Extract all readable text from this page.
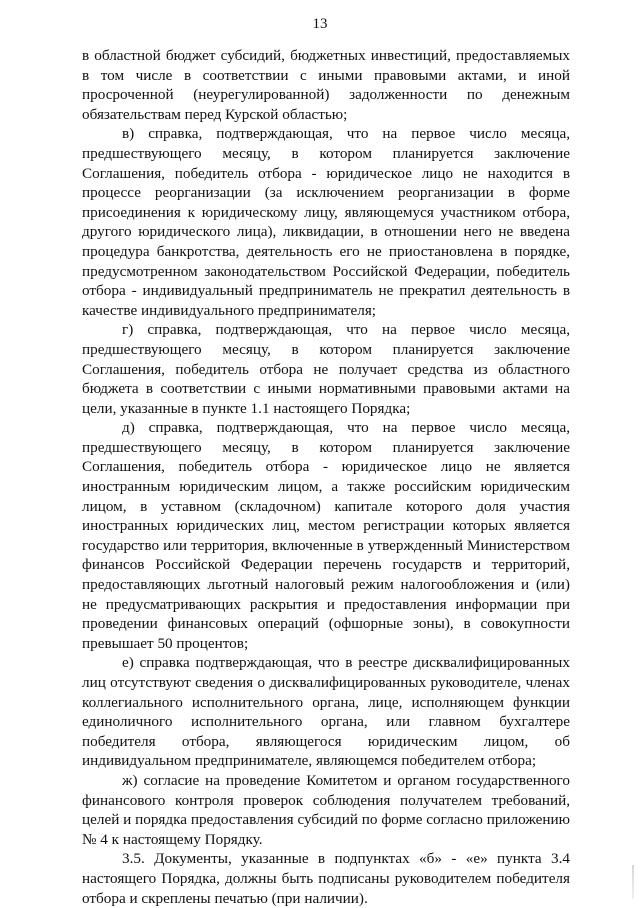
13

в областной бюджет субсидий, бюджетных инвестиций, предоставляемых в том числе в соответствии с иными правовыми актами, и иной просроченной (неурегулированной) задолженности по денежным обязательствам перед Курской областью;

в) справка, подтверждающая, что на первое число месяца, предшествующего месяцу, в котором планируется заключение Соглашения, победитель отбора - юридическое лицо не находится в процессе реорганизации (за исключением реорганизации в форме присоединения к юридическому лицу, являющемуся участником отбора, другого юридического лица), ликвидации, в отношении него не введена процедура банкротства, деятельность его не приостановлена в порядке, предусмотренном законодательством Российской Федерации, победитель отбора - индивидуальный предприниматель не прекратил деятельность в качестве индивидуального предпринимателя;

г) справка, подтверждающая, что на первое число месяца, предшествующего месяцу, в котором планируется заключение Соглашения, победитель отбора не получает средства из областного бюджета в соответствии с иными нормативными правовыми актами на цели, указанные в пункте 1.1 настоящего Порядка;

д) справка, подтверждающая, что на первое число месяца, предшествующего месяцу, в котором планируется заключение Соглашения, победитель отбора - юридическое лицо не является иностранным юридическим лицом, а также российским юридическим лицом, в уставном (складочном) капитале которого доля участия иностранных юридических лиц, местом регистрации которых является государство или территория, включенные в утвержденный Министерством финансов Российской Федерации перечень государств и территорий, предоставляющих льготный налоговый режим налогообложения и (или) не предусматривающих раскрытия и предоставления информации при проведении финансовых операций (офшорные зоны), в совокупности превышает 50 процентов;

е) справка подтверждающая, что в реестре дисквалифицированных лиц отсутствуют сведения о дисквалифицированных руководителе, членах коллегиального исполнительного органа, лице, исполняющем функции единоличного исполнительного органа, или главном бухгалтере победителя отбора, являющегося юридическим лицом, об индивидуальном предпринимателе, являющемся победителем отбора;

ж) согласие на проведение Комитетом и органом государственного финансового контроля проверок соблюдения получателем требований, целей и порядка предоставления субсидий по форме согласно приложению № 4 к настоящему Порядку.

3.5. Документы, указанные в подпунктах «б» - «е» пункта 3.4 настоящего Порядка, должны быть подписаны руководителем победителя отбора и скреплены печатью (при наличии).
